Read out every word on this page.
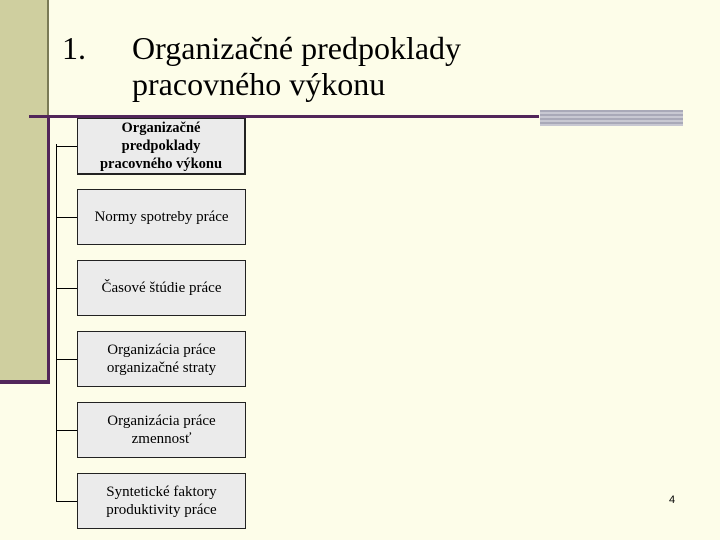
1. Organizačné predpoklady pracovného výkonu
Organizačné predpoklady pracovného výkonu
Normy spotreby práce
Časové štúdie práce
Organizácia práce organizačné straty
Organizácia práce zmennosť
Syntetické faktory produktivity práce
4
